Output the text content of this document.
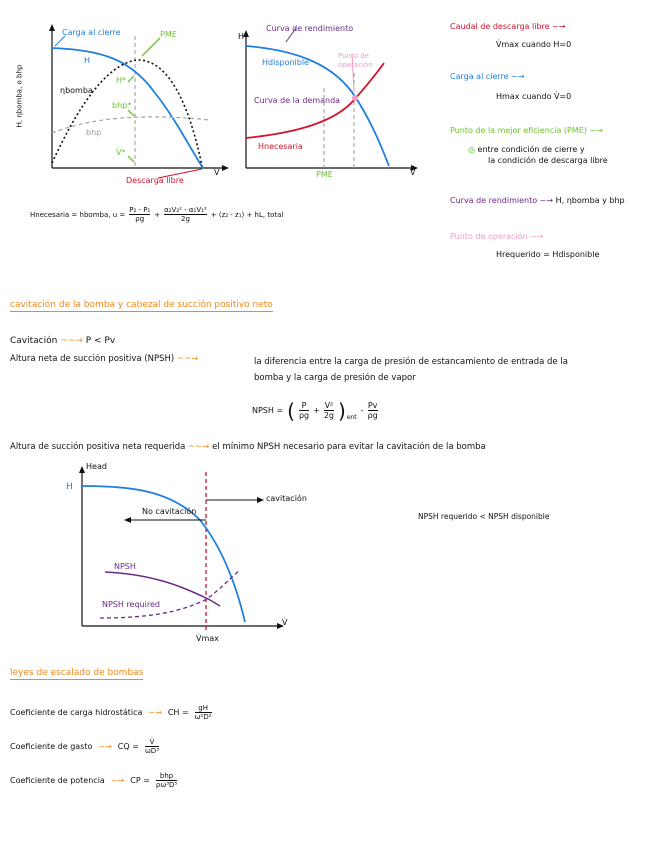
H, ηbomba, o bhp
Carga al cierre	PME
H
H*
ηbomba
bhp*
bhp
V̇*
Descarga libre
V̇
H
Curva de rendimiento
Punto de operación
Hdisponible
Curva de la demanda
Hnecesaria
PME	V̇
Caudal de descarga libre ~→
V̇max cuando H=0
Carga al cierre ~→
Hmax cuando V̇=0
Punto de la mejor eficiencia (PME) ~→
◎ entre condición de cierre y
la condición de descarga libre
Curva de rendimiento ~→ H, ηbomba y bhp
Punto de operación ~→
Hrequerido = Hdisponible
Hnecesaria = hbomba, $u = \frac{\text{P₂ - P₁}}{\rho g} + \frac{\text{α₂V₂² - α₁V₁²}}{2g} + (z_2 - z_1)$ + hL, total
cavitación de la bomba y cabezal de succión positivo neto
Cavitación ~~→ P < Pv
Altura neta de succión positiva (NPSH) ~~→	la diferencia entre la carga de presión de estancamiento de entrada de la
bomba y la carga de presión de vapor
NPSH = ( P
ρg
+ $\frac{\text{V²}}{2g}$ ) ent
-
Pv
ρg
Altura de succión positiva neta requerida ~~→ el mínimo NPSH necesario para evitar la cavitación de la bomba
Head
H
cavitación
No cavitación
NPSH
NPSH required
V̇max
V̇
NPSH requerido < NPSH disponible
leyes de escalado de bombas
Coeficiente de carga hidrostática ~→ CH = $\frac{gH}{\text{ω²D²}}$
Coeficiente de gasto ~→ CQ = $\frac{V̇}{\text{ωD³}}$
Coeficiente de potencia ~→ CP = bhp
ρω³D⁵
